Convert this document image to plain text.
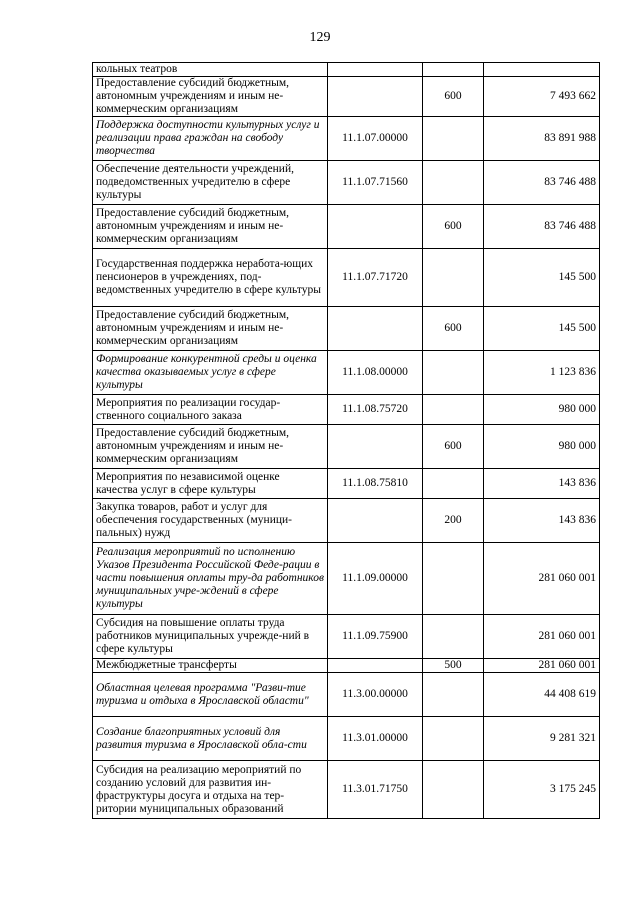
129
кольных театров			
Предоставление субсидий бюджетным, автономным учреждениям и иным не-коммерческим организациям		600	7 493 662
Поддержка доступности культурных услуг и реализации права граждан на свободу творчества	11.1.07.00000		83 891 988
Обеспечение деятельности учреждений, подведомственных учредителю в сфере культуры	11.1.07.71560		83 746 488
Предоставление субсидий бюджетным, автономным учреждениям и иным не-коммерческим организациям		600	83 746 488
Государственная поддержка неработа-ющих пенсионеров в учреждениях, под-ведомственных учредителю в сфере культуры	11.1.07.71720		145 500
Предоставление субсидий бюджетным, автономным учреждениям и иным не-коммерческим организациям		600	145 500
Формирование конкурентной среды и оценка качества оказываемых услуг в сфере культуры	11.1.08.00000		1 123 836
Мероприятия по реализации государ-ственного социального заказа	11.1.08.75720		980 000
Предоставление субсидий бюджетным, автономным учреждениям и иным не-коммерческим организациям		600	980 000
Мероприятия по независимой оценке качества услуг в сфере культуры	11.1.08.75810		143 836
Закупка товаров, работ и услуг для обеспечения государственных (муници-пальных) нужд		200	143 836
Реализация мероприятий по исполнению Указов Президента Российской Феде-рации в части повышения оплаты тру-да работников муниципальных учре-ждений в сфере культуры	11.1.09.00000		281 060 001
Субсидия на повышение оплаты труда работников муниципальных учрежде-ний в сфере культуры	11.1.09.75900		281 060 001
Межбюджетные трансферты		500	281 060 001
Областная целевая программа "Разви-тие туризма и отдыха в Ярославской области"	11.3.00.00000		44 408 619
Создание благоприятных условий для развития туризма в Ярославской обла-сти	11.3.01.00000		9 281 321
Субсидия на реализацию мероприятий по созданию условий для развития ин-фраструктуры досуга и отдыха на тер-ритории муниципальных образований	11.3.01.71750		3 175 245
